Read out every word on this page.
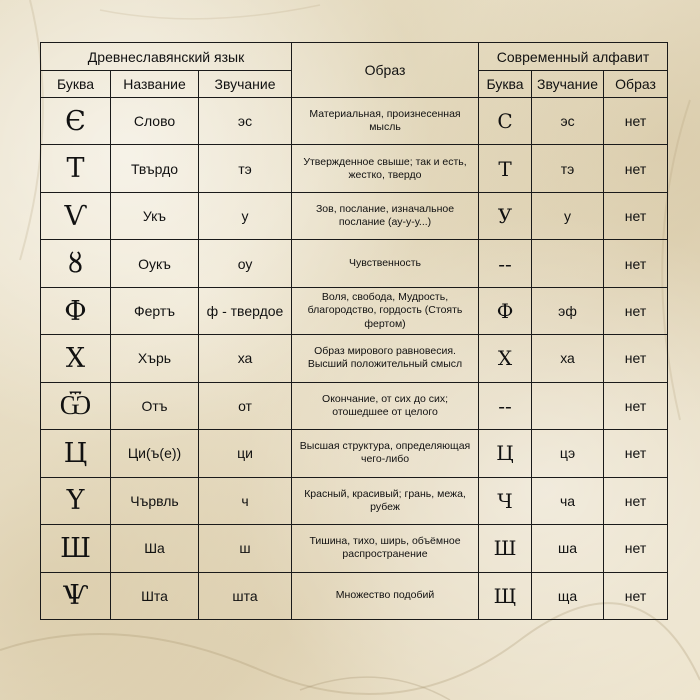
Древнеславянский язык			Образ	Современный алфавит		
Буква	Название	Звучание		Буква	Звучание	Образ
Є	Слово	эс	Материальная, произнесенная мысль	С	эс	нет
Т	Твърдо	тэ	Утвержденное свыше; так и есть, жестко, твердо	Т	тэ	нет
Ѵ	Укъ	у	Зов, послание, изначальное послание (ау-у-у...)	У	у	нет
ȣ	Оукъ	оу	Чувственность	--		нет
Ф	Фертъ	ф - твердое	Воля, свобода, Мудрость, благородство, гордость (Стоять фертом)	Ф	эф	нет
Х	Хърь	ха	Образ мирового равновесия. Высший положительный смысл	Х	ха	нет
Ѿ	Отъ	от	Окончание, от сих до сих; отошедшее от целого	--		нет
Ц	Ци(ъ(е))	ци	Высшая структура, определяющая чего-либо	Ц	цэ	нет
Ү	Чървль	ч	Красный, красивый; грань, межа, рубеж	Ч	ча	нет
Ш	Ша	ш	Тишина, тихо, ширь, объёмное распространение	Ш	ша	нет
Ѱ	Шта	шта	Множество подобий	Щ	ща	нет
